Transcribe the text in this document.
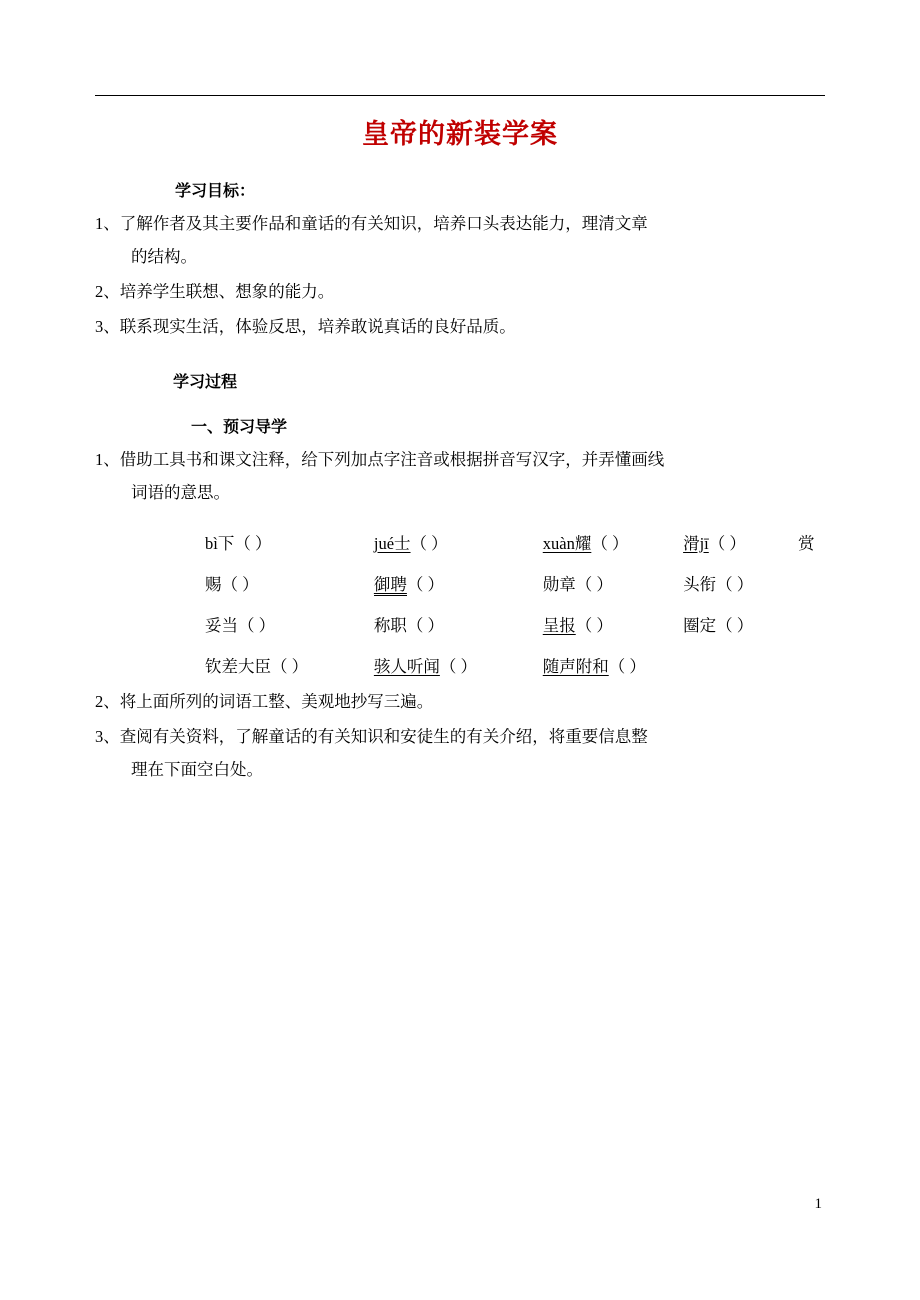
皇帝的新装学案
学习目标：

1、了解作者及其主要作品和童话的有关知识，培养口头表达能力，理清文章
的结构。

2、培养学生联想、想象的能力。

3、联系现实生活，体验反思，培养敢说真话的良好品质。

学习过程
一、预习导学

1、借助工具书和课文注释，给下列加点字注音或根据拼音写汉字，并弄懂画线
词语的意思。

bì下（ ）	jué士（ ）	xuàn耀（ ）	滑jī（ ）	赏
赐（ ）	御聘（ ）	勋章（ ）	头衔（ ）	
妥当（ ）	称职（ ）	呈报（ ）	圈定（ ）	
钦差大臣（ ）	骇人听闻（ ）	随声附和（ ）		

2、将上面所列的词语工整、美观地抄写三遍。

3、查阅有关资料，了解童话的有关知识和安徒生的有关介绍，将重要信息整
理在下面空白处。

1
